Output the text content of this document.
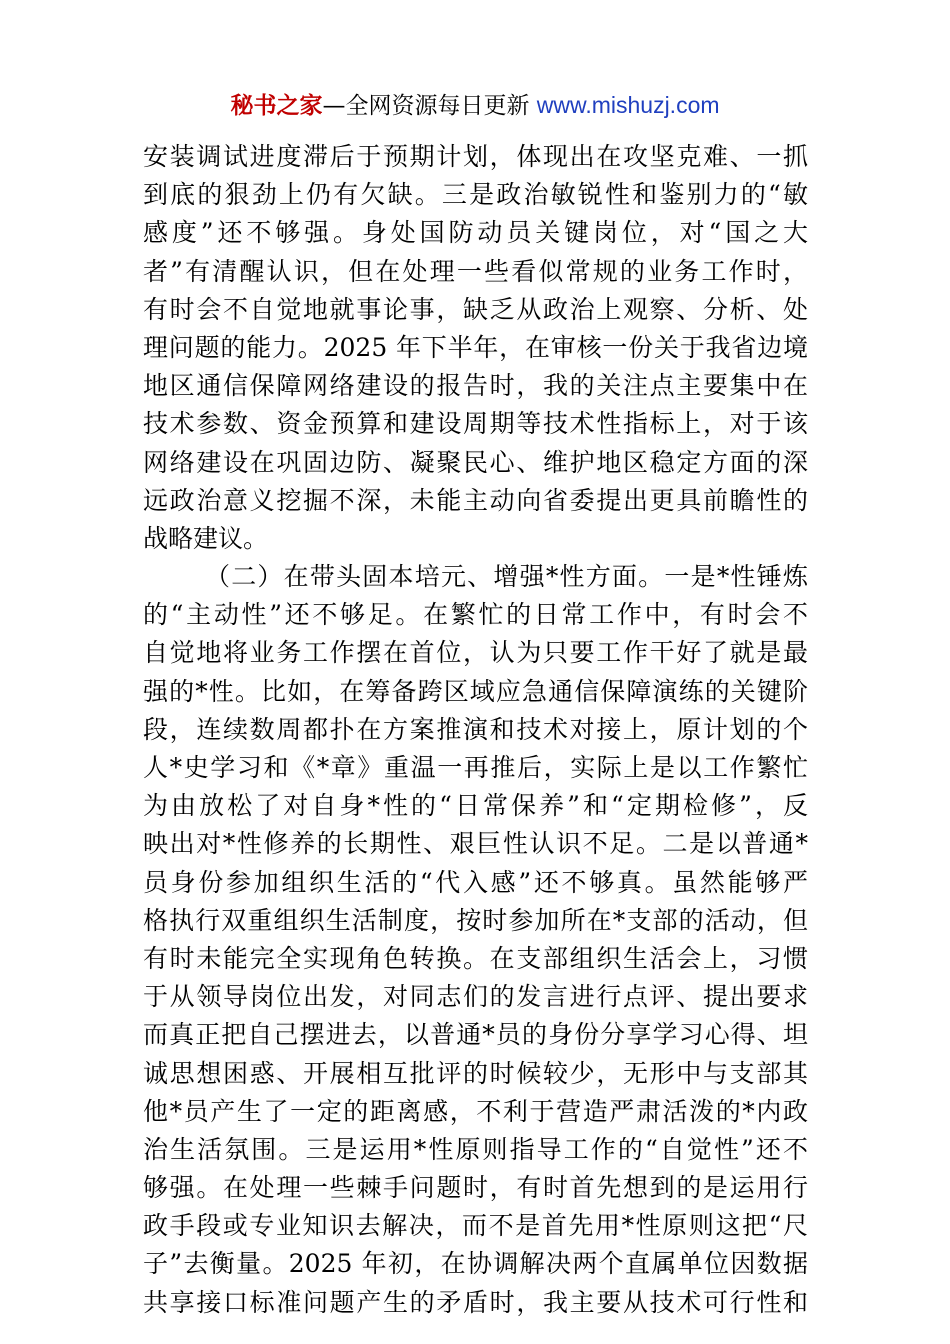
秘书之家—全网资源每日更新 www.mishuzj.com
安装调试进度滞后于预期计划，体现出在攻坚克难、一抓
到底的狠劲上仍有欠缺。三是政治敏锐性和鉴别力的“敏
感度”还不够强。身处国防动员关键岗位，对“国之大
者”有清醒认识，但在处理一些看似常规的业务工作时，
有时会不自觉地就事论事，缺乏从政治上观察、分析、处
理问题的能力。2025 年下半年，在审核一份关于我省边境
地区通信保障网络建设的报告时，我的关注点主要集中在
技术参数、资金预算和建设周期等技术性指标上，对于该
网络建设在巩固边防、凝聚民心、维护地区稳定方面的深
远政治意义挖掘不深，未能主动向省委提出更具前瞻性的
战略建议。
（二）在带头固本培元、增强*性方面。一是*性锤炼
的“主动性”还不够足。在繁忙的日常工作中，有时会不
自觉地将业务工作摆在首位，认为只要工作干好了就是最
强的*性。比如，在筹备跨区域应急通信保障演练的关键阶
段，连续数周都扑在方案推演和技术对接上，原计划的个
人*史学习和《*章》重温一再推后，实际上是以工作繁忙
为由放松了对自身*性的“日常保养”和“定期检修”，反
映出对*性修养的长期性、艰巨性认识不足。二是以普通*
员身份参加组织生活的“代入感”还不够真。虽然能够严
格执行双重组织生活制度，按时参加所在*支部的活动，但
有时未能完全实现角色转换。在支部组织生活会上，习惯
于从领导岗位出发，对同志们的发言进行点评、提出要求
而真正把自己摆进去，以普通*员的身份分享学习心得、坦
诚思想困惑、开展相互批评的时候较少，无形中与支部其
他*员产生了一定的距离感，不利于营造严肃活泼的*内政
治生活氛围。三是运用*性原则指导工作的“自觉性”还不
够强。在处理一些棘手问题时，有时首先想到的是运用行
政手段或专业知识去解决，而不是首先用*性原则这把“尺
子”去衡量。2025 年初，在协调解决两个直属单位因数据
共享接口标准问题产生的矛盾时，我主要从技术可行性和
